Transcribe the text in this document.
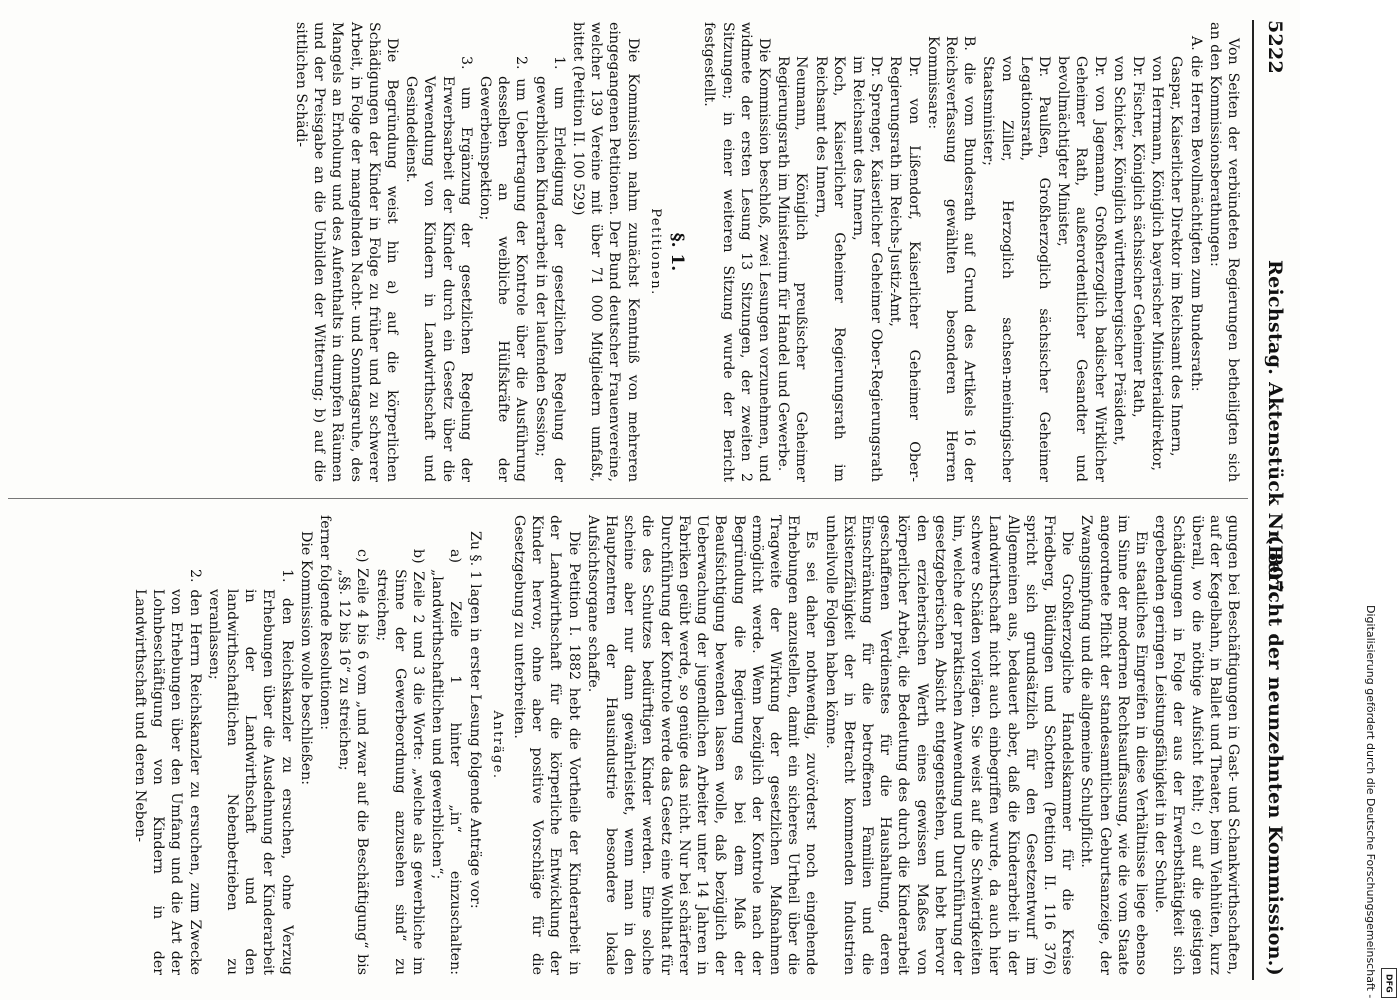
5222
Reichstag. Aktenstück Nr. 807.
(Bericht der neunzehnten Kommission.)

Von Seiten der verbündeten Regierungen betheiligten sich an den Kommissionsberathungen:

A. die Herren Bevollmächtigten zum Bundesrath:

Gaspar, Kaiserlicher Direktor im Reichsamt des Innern,

von Herrmann, Königlich bayerischer Ministerialdirektor,

Dr. Fischer, Königlich sächsischer Geheimer Rath,

von Schicker, Königlich württembergischer Präsident,

Dr. von Jagemann, Großherzoglich badischer Wirklicher Geheimer Rath, außerordentlicher Gesandter und bevollmächtigter Minister,

Dr. Paulßen, Großherzoglich sächsischer Geheimer Legationsrath,

von Ziller, Herzoglich sachsen-meiningischer Staatsminister;

B. die vom Bundesrath auf Grund des Artikels 16 der Reichsverfassung gewählten besonderen Herren Kommissare:

Dr. von Lißendorf, Kaiserlicher Geheimer Ober-Regierungsrath im Reichs-Justiz-Amt,

Dr. Sprenger, Kaiserlicher Geheimer Ober-Regierungsrath im Reichsamt des Innern,

Koch, Kaiserlicher Geheimer Regierungsrath im Reichsamt des Innern,

Neumann, Königlich preußischer Geheimer Regierungsrath im Ministerium für Handel und Gewerbe.

Die Kommission beschloß, zwei Lesungen vorzunehmen, und widmete der ersten Lesung 13 Sitzungen, der zweiten 2 Sitzungen; in einer weiteren Sitzung wurde der Bericht festgestellt.

§. 1.

Petitionen.

Die Kommission nahm zunächst Kenntniß von mehreren eingegangenen Petitionen. Der Bund deutscher Frauenvereine, welcher 139 Vereine mit über 71 000 Mitgliedern umfaßt, bittet (Petition II. 100 529)

1. um Erledigung der gesetzlichen Regelung der gewerblichen Kinderarbeit in der laufenden Session;

2. um Uebertragung der Kontrole über die Ausführung desselben an weibliche Hülfskräfte der Gewerbeinspektion;

3. um Ergänzung der gesetzlichen Regelung der Erwerbsarbeit der Kinder durch ein Gesetz über die Verwendung von Kindern in Landwirthschaft und Gesindedienst.

Die Begründung weist hin a) auf die körperlichen Schädigungen der Kinder in Folge zu früher und zu schwerer Arbeit, in Folge der mangelnden Nacht- und Sonntagsruhe, des Mangels an Erholung und des Aufenthalts in dumpfen Räumen und der Preisgabe an die Unbilden der Witterung; b) auf die sittlichen Schädi-

gungen bei Beschäftigungen in Gast- und Schankwirthschaften, auf der Kegelbahn, in Ballet und Theater, beim Viehhüten, kurz überall, wo die nöthige Aufsicht fehlt; c) auf die geistigen Schädigungen in Folge der aus der Erwerbsthätigkeit sich ergebenden geringen Leistungsfähigkeit in der Schule.

Ein staatliches Eingreifen in diese Verhältnisse liege ebenso im Sinne der modernen Rechtsauffassung, wie die vom Staate angeordnete Pflicht der standesamtlichen Geburtsanzeige, der Zwangsimpfung und die allgemeine Schulpflicht.

Die Großherzogliche Handelskammer für die Kreise Friedberg, Büdingen und Schotten (Petition II. 116 376) spricht sich grundsätzlich für den Gesetzentwurf im Allgemeinen aus, bedauert aber, daß die Kinderarbeit in der Landwirthschaft nicht auch einbegriffen wurde, da auch hier schwere Schäden vorlägen. Sie weist auf die Schwierigkeiten hin, welche der praktischen Anwendung und Durchführung der gesetzgeberischen Absicht entgegenstehen, und hebt hervor den erzieherischen Werth eines gewissen Maßes von körperlicher Arbeit, die Bedeutung des durch die Kinderarbeit geschaffenen Verdienstes für die Haushaltung, deren Einschränkung für die betroffenen Familien und die Existenzfähigkeit der in Betracht kommenden Industrien unheilvolle Folgen haben könne.

Es sei daher nothwendig, zuvörderst noch eingehende Erhebungen anzustellen, damit ein sicheres Urtheil über die Tragweite der Wirkung der gesetzlichen Maßnahmen ermöglicht werde. Wenn bezüglich der Kontrole nach der Begründung die Regierung es bei dem Maß der Beaufsichtigung bewenden lassen wolle, daß bezüglich der Ueberwachung der jugendlichen Arbeiter unter 14 Jahren in Fabriken geübt werde, so genüge das nicht. Nur bei schärferer Durchführung der Kontrole werde das Gesetz eine Wohlthat für die des Schutzes bedürftigen Kinder werden. Eine solche scheine aber nur dann gewährleistet, wenn man in den Hauptzentren der Hausindustrie besondere lokale Aufsichtsorgane schaffe.

Die Petition I. 1882 hebt die Vortheile der Kinderarbeit in der Landwirthschaft für die körperliche Entwicklung der Kinder hervor, ohne aber positive Vorschläge für die Gesetzgebung zu unterbreiten.

Anträge.

Zu §. 1 lagen in erster Lesung folgende Anträge vor:

a) Zeile 1 hinter „in“ einzuschalten: „landwirthschaftlichen und gewerblichen“;

b) Zeile 2 und 3 die Worte: „welche als gewerbliche im Sinne der Gewerbeordnung anzusehen sind“ zu streichen;

c) Zeile 4 bis 6 vom „und zwar auf die Beschäftigung“ bis „§§. 12 bis 16“ zu streichen;

ferner folgende Resolutionen:

Die Kommission wolle beschließen:

1. den Reichskanzler zu ersuchen, ohne Verzug Erhebungen über die Ausdehnung der Kinderarbeit in der Landwirthschaft und den landwirthschaftlichen Nebenbetrieben zu veranlassen;

2. den Herrn Reichskanzler zu ersuchen, zum Zwecke von Erhebungen über den Umfang und die Art der Lohnbeschäftigung von Kindern in der Landwirthschaft und deren Neben-	Digitalisierung gefördert durch die Deutsche Forschungsgemeinschaft - DFG
